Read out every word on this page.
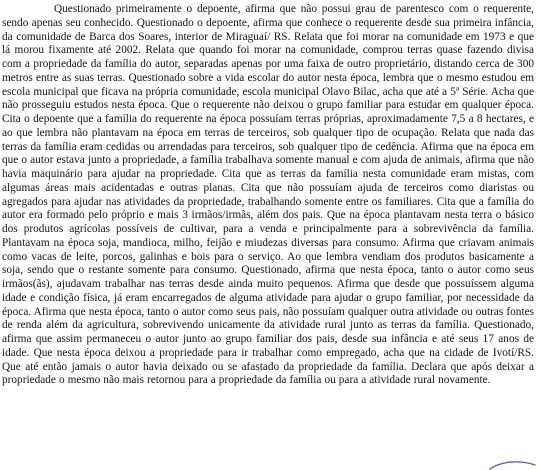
Questionado primeiramente o depoente, afirma que não possui grau de parentesco com o requerente, sendo apenas seu conhecido. Questionado o depoente, afirma que conhece o requerente desde sua primeira infância, da comunidade de Barca dos Soares, interior de Miraguaí/ RS. Relata que foi morar na comunidade em 1973 e que lá morou fixamente até 2002. Relata que quando foi morar na comunidade, comprou terras quase fazendo divisa com a propriedade da família do autor, separadas apenas por uma faixa de outro proprietário, distando cerca de 300 metros entre as suas terras. Questionado sobre a vida escolar do autor nesta época, lembra que o mesmo estudou em escola municipal que ficava na própria comunidade, escola municipal Olavo Bilac, acha que até a 5ª Série. Acha que não prosseguiu estudos nesta época. Que o requerente não deixou o grupo familiar para estudar em qualquer época. Cita o depoente que a família do requerente na época possuíam terras próprias, aproximadamente 7,5 a 8 hectares, e ao que lembra não plantavam na época em terras de terceiros, sob qualquer tipo de ocupação. Relata que nada das terras da família eram cedidas ou arrendadas para terceiros, sob qualquer tipo de cedência. Afirma que na época em que o autor estava junto a propriedade, a família trabalhava somente manual e com ajuda de animais, afirma que não havia maquinário para ajudar na propriedade. Cita que as terras da família nesta comunidade eram mistas, com algumas áreas mais acidentadas e outras planas. Cita que não possuíam ajuda de terceiros como diaristas ou agregados para ajudar nas atividades da propriedade, trabalhando somente entre os familiares. Cita que a família do autor era formado pelo próprio e mais 3 irmãos/irmãs, além dos pais. Que na época plantavam nesta terra o básico dos produtos agrícolas possíveis de cultivar, para a venda e principalmente para a sobrevivência da família. Plantavam na época soja, mandioca, milho, feijão e miudezas diversas para consumo. Afirma que criavam animais como vacas de leite, porcos, galinhas e bois para o serviço. Ao que lembra vendiam dos produtos basicamente a soja, sendo que o restante somente para consumo. Questionado, afirma que nesta época, tanto o autor como seus irmãos(ãs), ajudavam trabalhar nas terras desde ainda muito pequenos. Afirma que desde que possuíssem alguma idade e condição física, já eram encarregados de alguma atividade para ajudar o grupo familiar, por necessidade da época. Afirma que nesta época, tanto o autor como seus pais, não possuíam qualquer outra atividade ou outras fontes de renda além da agricultura, sobrevivendo unicamente da atividade rural junto as terras da família. Questionado, afirma que assim permaneceu o autor junto ao grupo familiar dos pais, desde sua infância e até seus 17 anos de idade. Que nesta época deixou a propriedade para ir trabalhar como empregado, acha que na cidade de Ivotí/RS. Que até então jamais o autor havia deixado ou se afastado da propriedade da família. Declara que após deixar a propriedade o mesmo não mais retornou para a propriedade da família ou para a atividade rural novamente.
